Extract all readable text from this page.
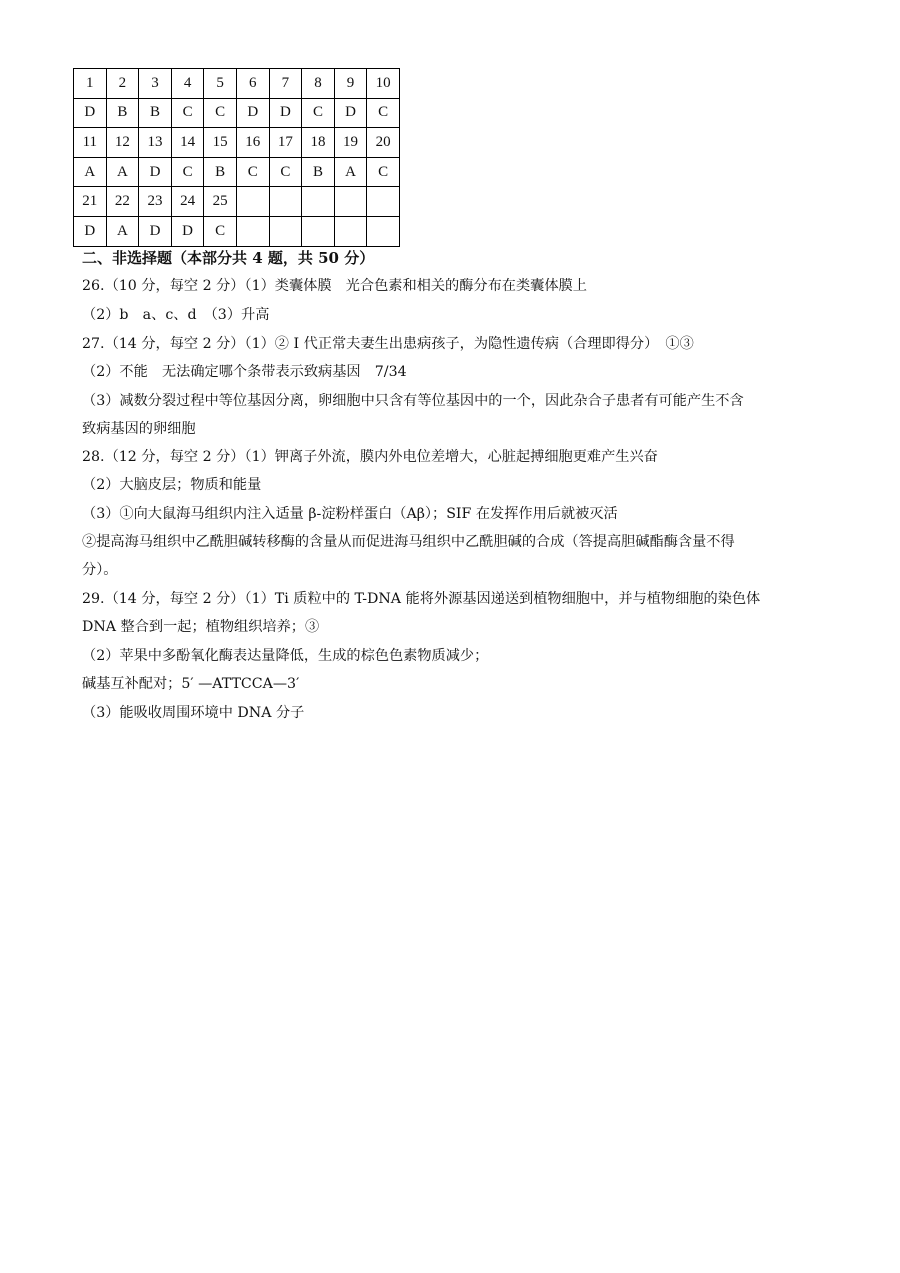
1	2	3	4	5	6	7	8	9	10
D	B	B	C	C	D	D	C	D	C
11	12	13	14	15	16	17	18	19	20
A	A	D	C	B	C	C	B	A	C
21	22	23	24	25					
D	A	D	D	C					
二、非选择题（本部分共 4 题，共 50 分）
26.（10 分，每空 2 分）（1）类囊体膜　光合色素和相关的酶分布在类囊体膜上
（2）b　a、c、d　（3）升高
27.（14 分，每空 2 分）（1）② I 代正常夫妻生出患病孩子，为隐性遗传病（合理即得分）　①③
（2）不能　无法确定哪个条带表示致病基因　7/34
（3）减数分裂过程中等位基因分离，卵细胞中只含有等位基因中的一个，因此杂合子患者有可能产生不含
致病基因的卵细胞
28.（12 分，每空 2 分）（1）钾离子外流，膜内外电位差增大，心脏起搏细胞更难产生兴奋
（2）大脑皮层；物质和能量
（3）①向大鼠海马组织内注入适量 β-淀粉样蛋白（Aβ）；SIF 在发挥作用后就被灭活
②提高海马组织中乙酰胆碱转移酶的含量从而促进海马组织中乙酰胆碱的合成（答提高胆碱酯酶含量不得
分）。
29.（14 分，每空 2 分）（1）Ti 质粒中的 T-DNA 能将外源基因递送到植物细胞中，并与植物细胞的染色体
DNA 整合到一起；植物组织培养；③
（2）苹果中多酚氧化酶表达量降低，生成的棕色色素物质减少；
碱基互补配对；5′ —ATTCCA—3′
（3）能吸收周围环境中 DNA 分子
